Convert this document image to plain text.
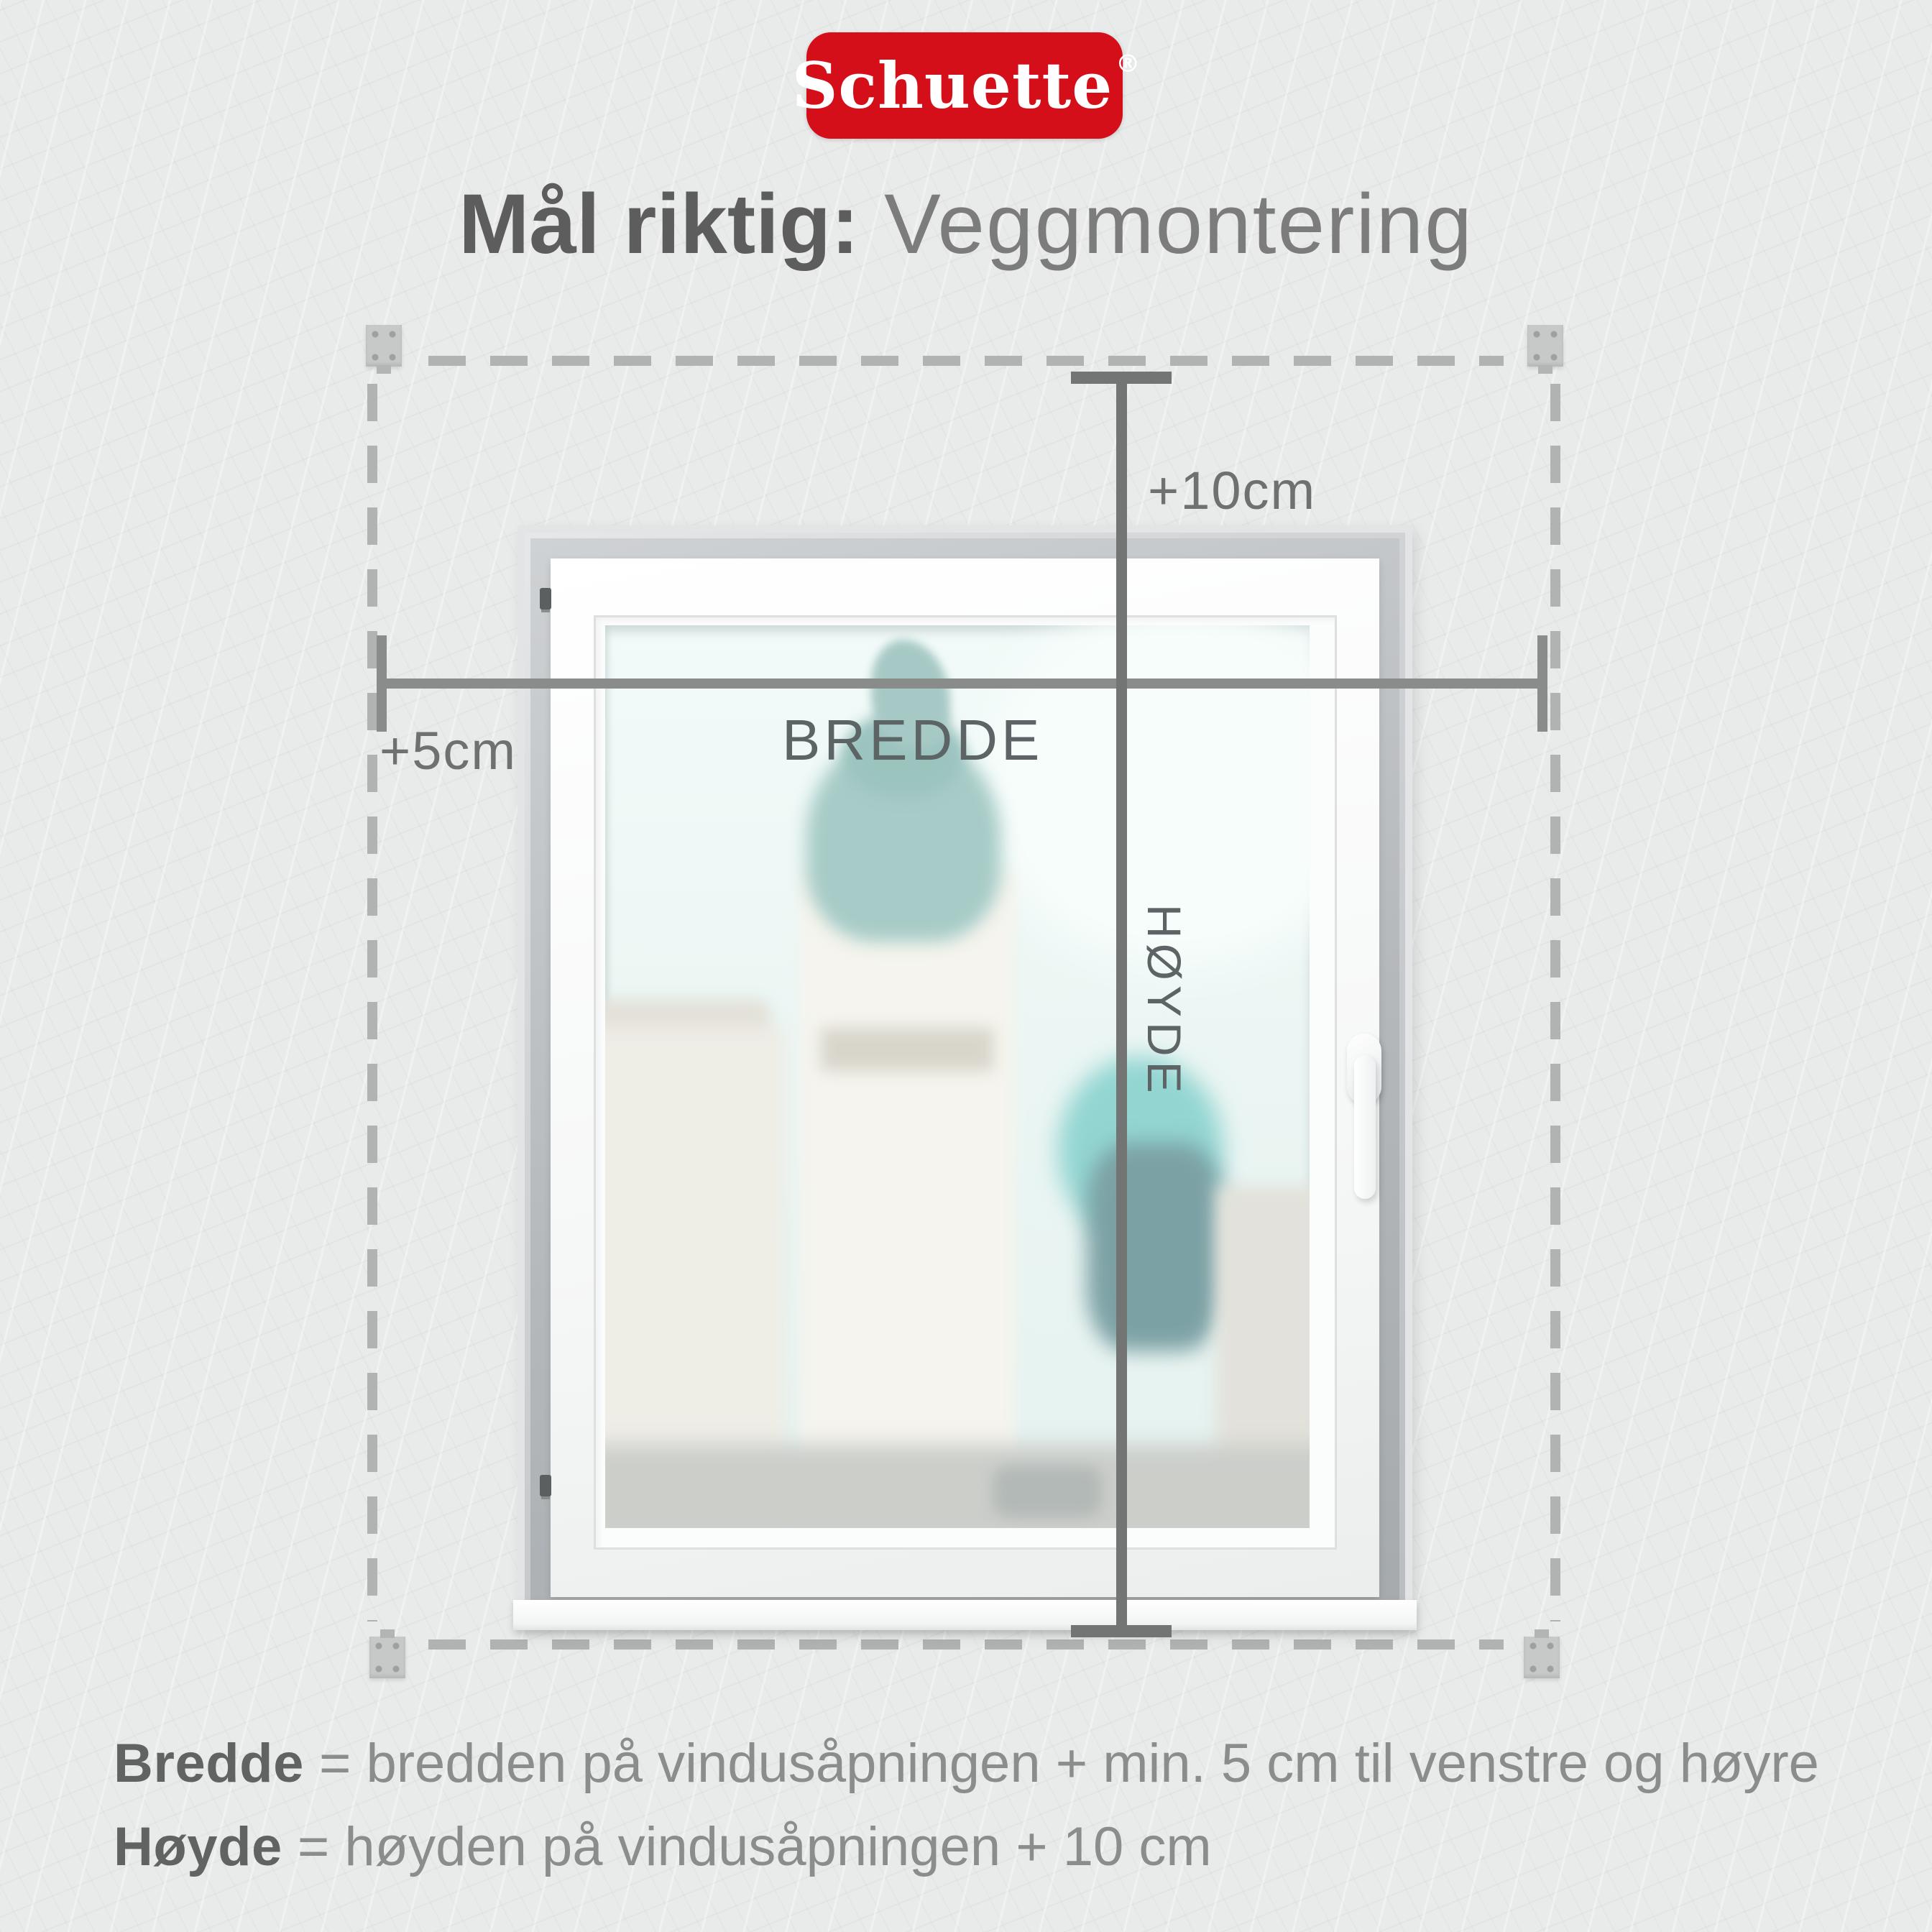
Schuette ®
Mål riktig: Veggmontering
+10cm
+5cm	BREDDE
HØYDE
Bredde = bredden på vindusåpningen + min. 5 cm til venstre og høyre
Høyde = høyden på vindusåpningen + 10 cm
